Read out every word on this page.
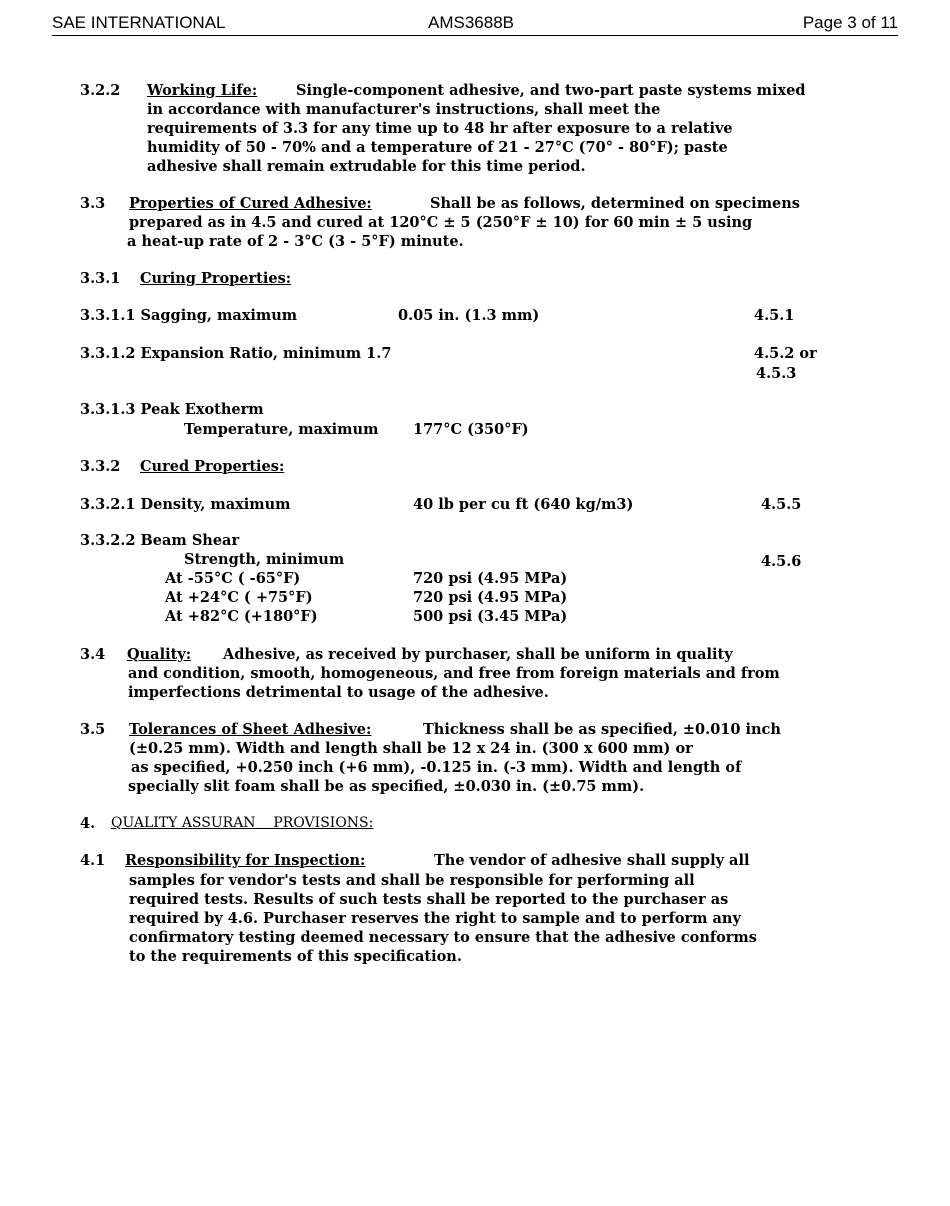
SAE INTERNATIONAL	AMS3688B	Page 3 of 11
3.2.2 Working Life:	Single-component adhesive, and two-part paste systems mixed
in accordance with manufacturer's instructions, shall meet the
requirements of 3.3 for any time up to 48 hr after exposure to a relative
humidity of 50 - 70% and a temperature of 21 - 27°C (70° - 80°F); paste
adhesive shall remain extrudable for this time period.
3.3 Properties of Cured Adhesive:	Shall be as follows, determined on specimens
prepared as in 4.5 and cured at 120°C ± 5 (250°F ± 10) for 60 min ± 5 using
a heat-up rate of 2 - 3°C (3 - 5°F) minute.
3.3.1 Curing Properties:
3.3.1.1 Sagging, maximum	0.05 in. (1.3 mm)	4.5.1
3.3.1.2 Expansion Ratio, minimum 1.7	4.5.2 or
4.5.3
3.3.1.3 Peak Exotherm
Temperature, maximum 177°C (350°F)
3.3.2 Cured Properties:
3.3.2.1 Density, maximum	40 lb per cu ft (640 kg/m3)	4.5.5
3.3.2.2 Beam Shear
Strength, minimum	4.5.6
At -55°C ( -65°F)	720 psi (4.95 MPa)
At +24°C ( +75°F)	720 psi (4.95 MPa)
At +82°C (+180°F)	500 psi (3.45 MPa)
3.4 Quality: Adhesive, as received by purchaser, shall be uniform in quality
and condition, smooth, homogeneous, and free from foreign materials and from
imperfections detrimental to usage of the adhesive.
3.5 Tolerances of Sheet Adhesive:	Thickness shall be as specified, ±0.010 inch
(±0.25 mm). Width and length shall be 12 x 24 in. (300 x 600 mm) or
as specified, +0.250 inch (+6 mm), -0.125 in. (-3 mm). Width and length of
specially slit foam shall be as specified, ±0.030 in. (±0.75 mm).
4. QUALITY ASSURAN    PROVISIONS:
4.1 Responsibility for Inspection:	The vendor of adhesive shall supply all
samples for vendor's tests and shall be responsible for performing all
required tests. Results of such tests shall be reported to the purchaser as
required by 4.6. Purchaser reserves the right to sample and to perform any
confirmatory testing deemed necessary to ensure that the adhesive conforms
to the requirements of this specification.
